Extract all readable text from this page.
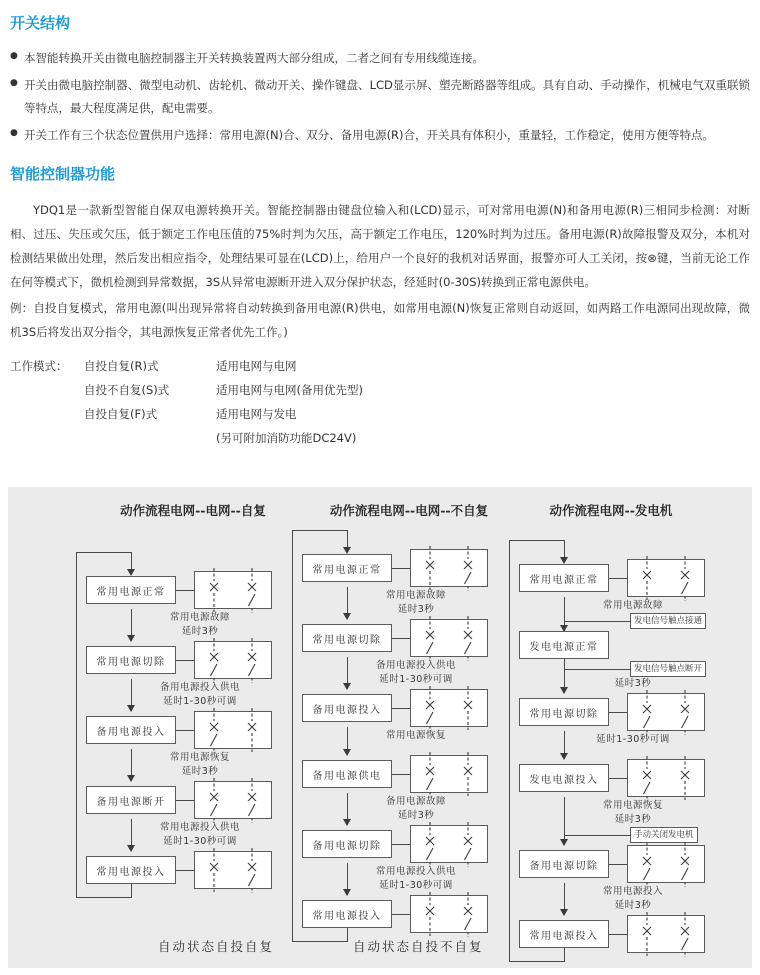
开关结构
● 本智能转换开关由微电脑控制器主开关转换装置两大部分组成，二者之间有专用线缆连接。
● 开关由微电脑控制器、微型电动机、齿轮机、微动开关、操作键盘、LCD显示屏、塑壳断路器等组成。具有自动、手动操作，机械电气双重联锁等特点，最大程度满足供，配电需要。
● 开关工作有三个状态位置供用户选择：常用电源(N)合、双分、备用电源(R)合，开关具有体积小，重量轻，工作稳定，使用方便等特点。
智能控制器功能
YDQ1是一款新型智能自保双电源转换开关。智能控制器由键盘位输入和(LCD)显示，可对常用电源(N)和备用电源(R)三相同步检测：对断相、过压、失压或欠压，低于额定工作电压值的75%时判为欠压，高于额定工作电压，120%时判为过压。备用电源(R)故障报警及双分，本机对检测结果做出处理，然后发出相应指令，处理结果可显在(LCD)上，给用户一个良好的我机对话界面，报警亦可人工关闭，按⊗键，当前无论工作在何等模式下，微机检测到异常数据，3S从异常电源断开进入双分保护状态，经延时(0-30S)转换到正常电源供电。
例：自投自复模式，常用电源(叫出现异常将自动转换到备用电源(R)供电，如常用电源(N)恢复正常则自动返回，如两路工作电源同出现故障，微机3S后将发出双分指令，其电源恢复正常者优先工作。)
工作模式：	自投自复(R)式	适用电网与电网
自投不自复(S)式	适用电网与电网(备用优先型)
自投自复(F)式	适用电网与发电
(另可附加消防功能DC24V)
动作流程电网--电网--自复
常用电源正常
常用电源故障
延时3秒
常用电源切除
备用电源投入供电
延时1-30秒可调
备用电源投入
常用电源恢复
延时3秒
备用电源断开
常用电源投入供电
延时1-30秒可调
常用电源投入
自动状态自投自复
动作流程电网--电网--不自复
常用电源正常
常用电源故障
延时3秒
常用电源切除
备用电源投入供电
延时1-30秒可调
备用电源投入
常用电源恢复
备用电源供电
备用电源故障
延时3秒
备用电源切除
常用电源投入供电
延时1-30秒可调
常用电源投入
自动状态自投不自复
动作流程电网--发电机
常用电源正常
常用电源故障
发电信号触点接通
发电电源正常
发电信号触点断开
延时3秒
常用电源切除
延时1-30秒可调
发电电源投入
常用电源恢复
延时3秒
手动关闭发电机
备用电源切除
常用电源投入
延时3秒
常用电源投入
